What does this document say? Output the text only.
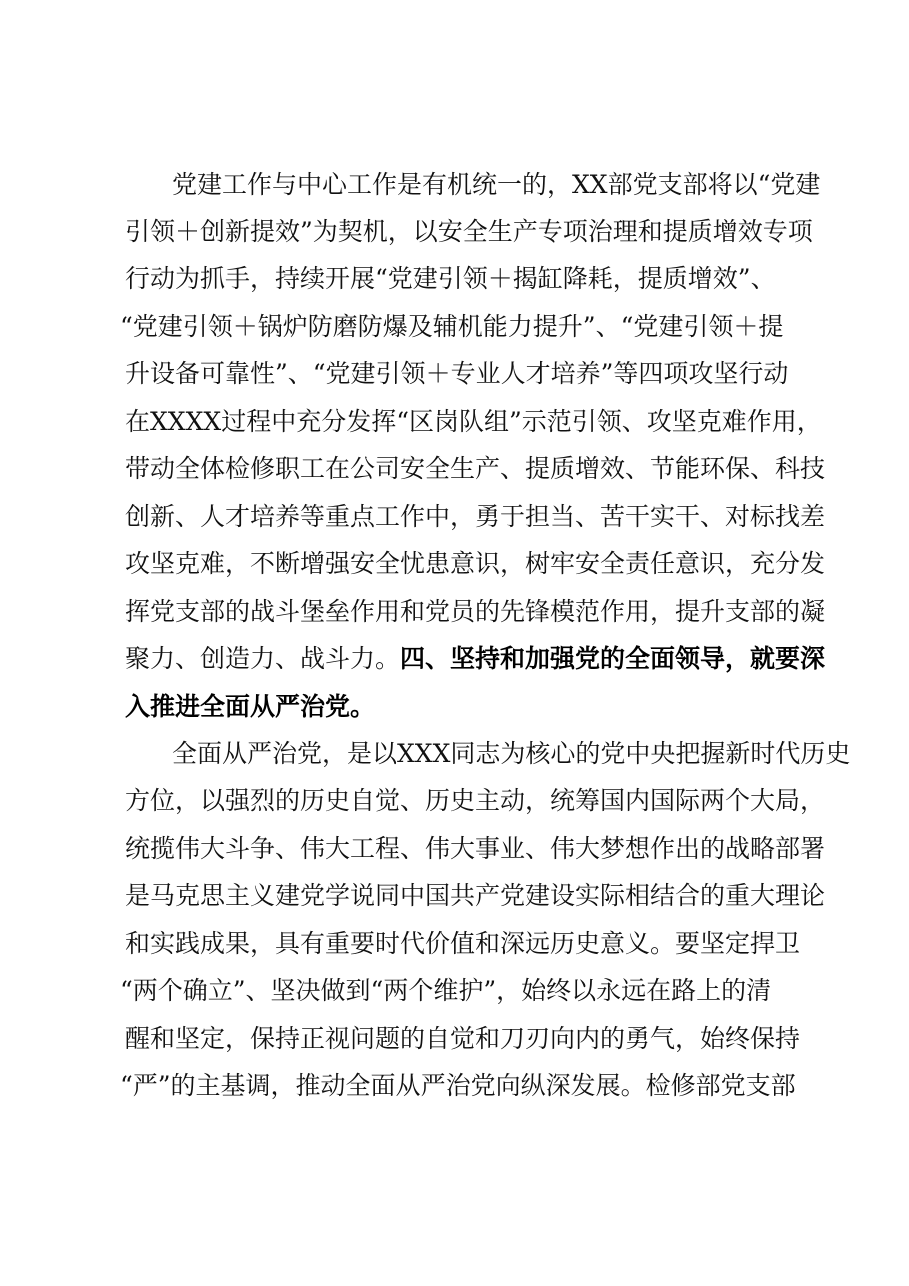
党建工作与中心工作是有机统一的，XX部党支部将以“党建
引领＋创新提效”为契机，以安全生产专项治理和提质增效专项
行动为抓手，持续开展“党建引领＋揭缸降耗，提质增效”、
“党建引领＋锅炉防磨防爆及辅机能力提升”、“党建引领＋提
升设备可靠性”、“党建引领＋专业人才培养”等四项攻坚行动
在XXXX过程中充分发挥“区岗队组”示范引领、攻坚克难作用，
带动全体检修职工在公司安全生产、提质增效、节能环保、科技
创新、人才培养等重点工作中，勇于担当、苦干实干、对标找差
攻坚克难，不断增强安全忧患意识，树牢安全责任意识，充分发
挥党支部的战斗堡垒作用和党员的先锋模范作用，提升支部的凝
聚力、创造力、战斗力。四、坚持和加强党的全面领导，就要深
入推进全面从严治党。
全面从严治党，是以XXX同志为核心的党中央把握新时代历史
方位，以强烈的历史自觉、历史主动，统筹国内国际两个大局，
统揽伟大斗争、伟大工程、伟大事业、伟大梦想作出的战略部署
是马克思主义建党学说同中国共产党建设实际相结合的重大理论
和实践成果，具有重要时代价值和深远历史意义。要坚定捍卫
“两个确立”、坚决做到“两个维护”，始终以永远在路上的清
醒和坚定，保持正视问题的自觉和刀刃向内的勇气，始终保持
“严”的主基调，推动全面从严治党向纵深发展。检修部党支部
